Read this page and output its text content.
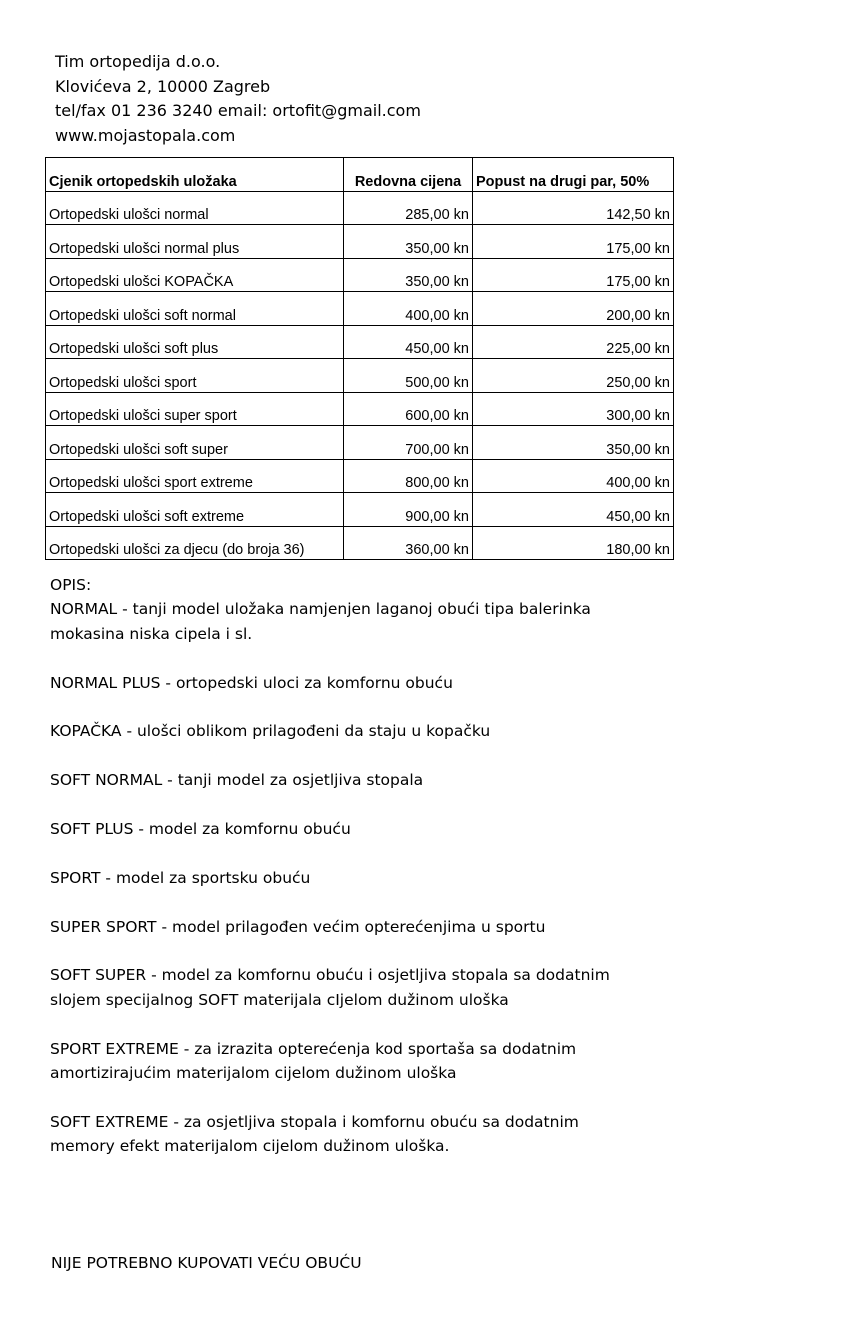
Tim ortopedija d.o.o.
Klovićeva 2, 10000 Zagreb
tel/fax 01 236 3240 email: ortofit@gmail.com
www.mojastopala.com
Cjenik ortopedskih uložaka	Redovna cijena	Popust na drugi par, 50%
Ortopedski ulošci normal	285,00 kn	142,50 kn
Ortopedski ulošci normal plus	350,00 kn	175,00 kn
Ortopedski ulošci KOPAČKA	350,00 kn	175,00 kn
Ortopedski ulošci soft normal	400,00 kn	200,00 kn
Ortopedski ulošci soft plus	450,00 kn	225,00 kn
Ortopedski ulošci sport	500,00 kn	250,00 kn
Ortopedski ulošci super sport	600,00 kn	300,00 kn
Ortopedski ulošci soft super	700,00 kn	350,00 kn
Ortopedski ulošci sport extreme	800,00 kn	400,00 kn
Ortopedski ulošci soft extreme	900,00 kn	450,00 kn
Ortopedski ulošci za djecu (do broja 36)	360,00 kn	180,00 kn
OPIS:
NORMAL - tanji model uložaka namjenjen laganoj obući tipa balerinka
mokasina niska cipela i sl.
NORMAL PLUS - ortopedski uloci za komfornu obuću
KOPAČKA - ulošci oblikom prilagođeni da staju u kopačku
SOFT NORMAL - tanji model za osjetljiva stopala
SOFT PLUS - model za komfornu obuću
SPORT - model za sportsku obuću
SUPER SPORT - model prilagođen većim opterećenjima u sportu
SOFT SUPER - model za komfornu obuću i osjetljiva stopala sa dodatnim
slojem specijalnog SOFT materijala cIjelom dužinom uloška
SPORT EXTREME - za izrazita opterećenja kod sportaša sa dodatnim
amortizirajućim materijalom cijelom dužinom uloška
SOFT EXTREME - za osjetljiva stopala i komfornu obuću sa dodatnim
memory efekt materijalom cijelom dužinom uloška.
NIJE POTREBNO KUPOVATI VEĆU OBUĆU
